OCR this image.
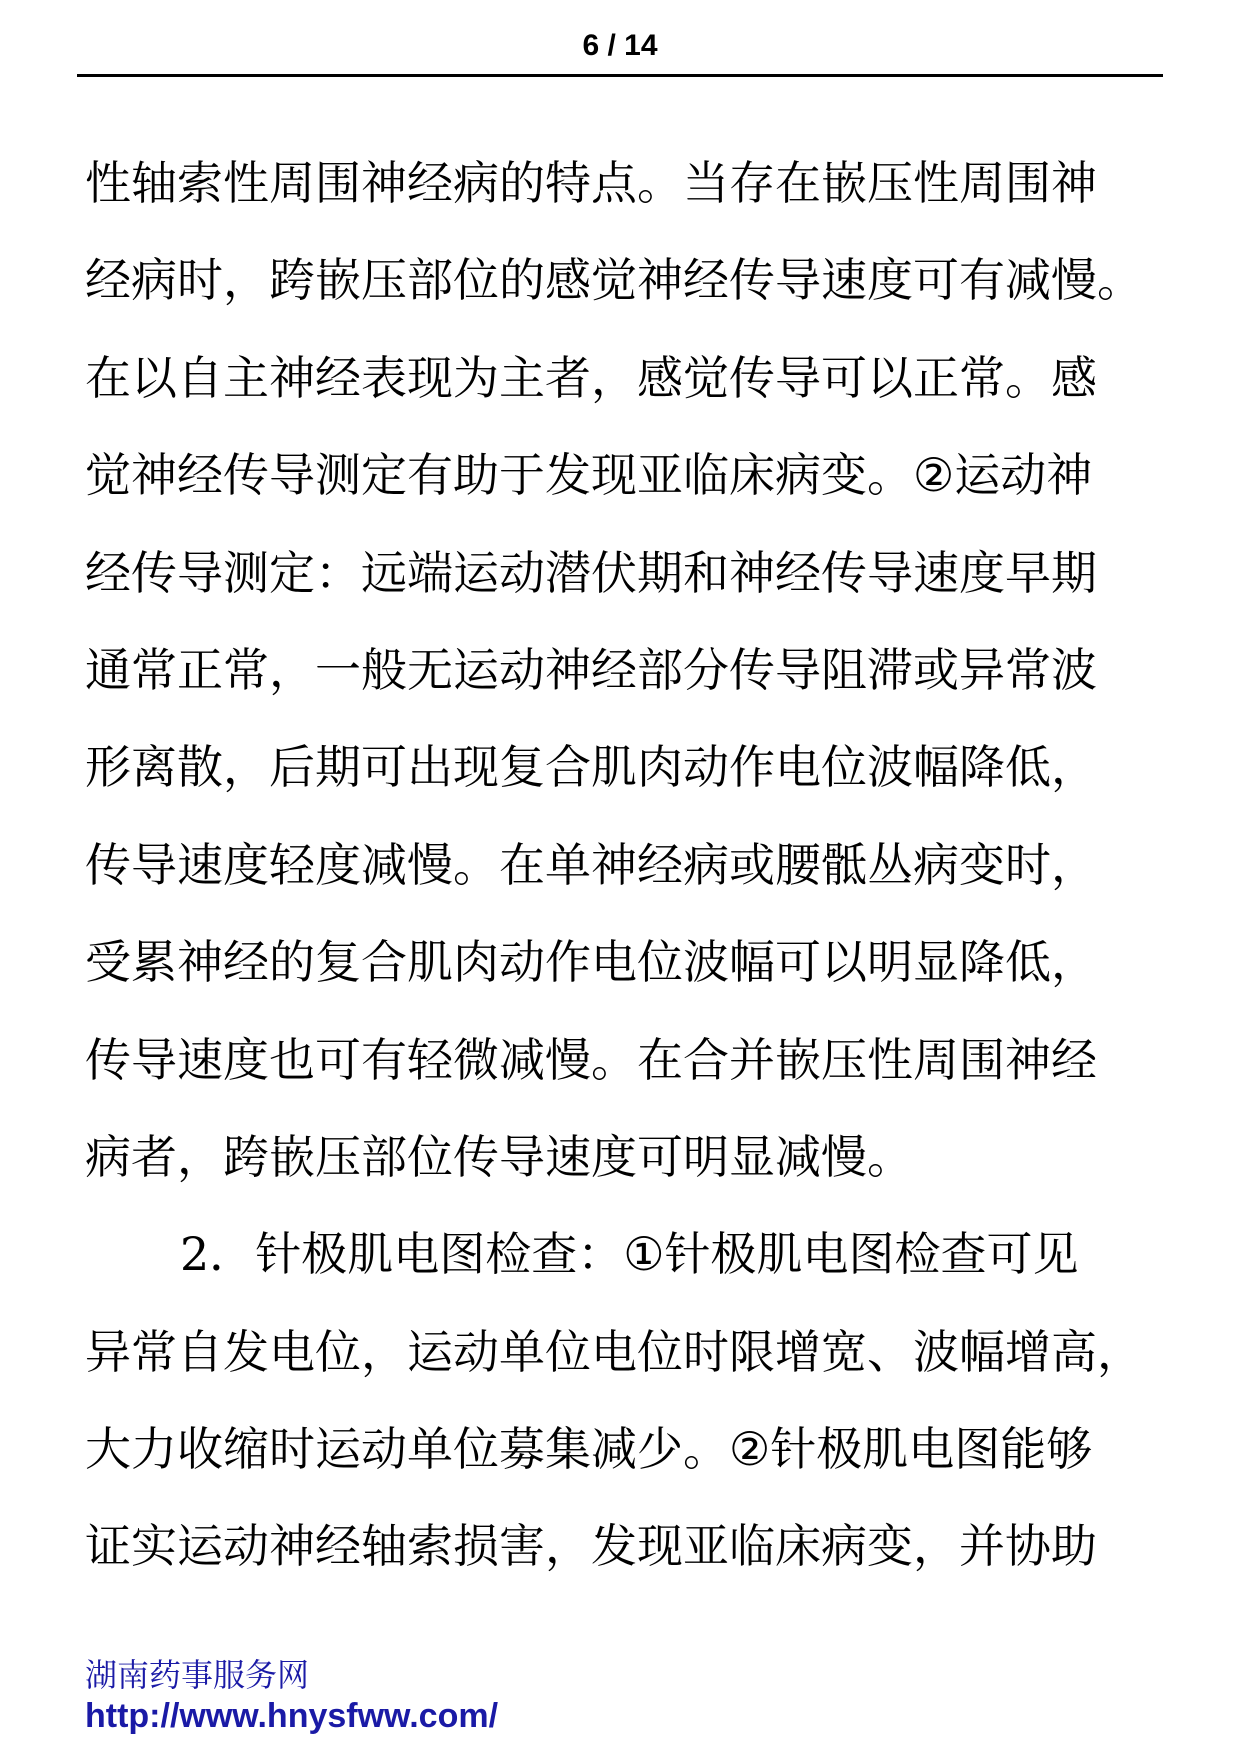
6 / 14
性轴索性周围神经病的特点。当存在嵌压性周围神
经病时，跨嵌压部位的感觉神经传导速度可有减慢。
在以自主神经表现为主者，感觉传导可以正常。感
觉神经传导测定有助于发现亚临床病变。②运动神
经传导测定：远端运动潜伏期和神经传导速度早期
通常正常，一般无运动神经部分传导阻滞或异常波
形离散，后期可出现复合肌肉动作电位波幅降低，
传导速度轻度减慢。在单神经病或腰骶丛病变时，
受累神经的复合肌肉动作电位波幅可以明显降低，
传导速度也可有轻微减慢。在合并嵌压性周围神经
病者，跨嵌压部位传导速度可明显减慢。
2．针极肌电图检查：①针极肌电图检查可见
异常自发电位，运动单位电位时限增宽、波幅增高，
大力收缩时运动单位募集减少。②针极肌电图能够
证实运动神经轴索损害，发现亚临床病变，并协助
湖南药事服务网
http://www.hnysfww.com/
